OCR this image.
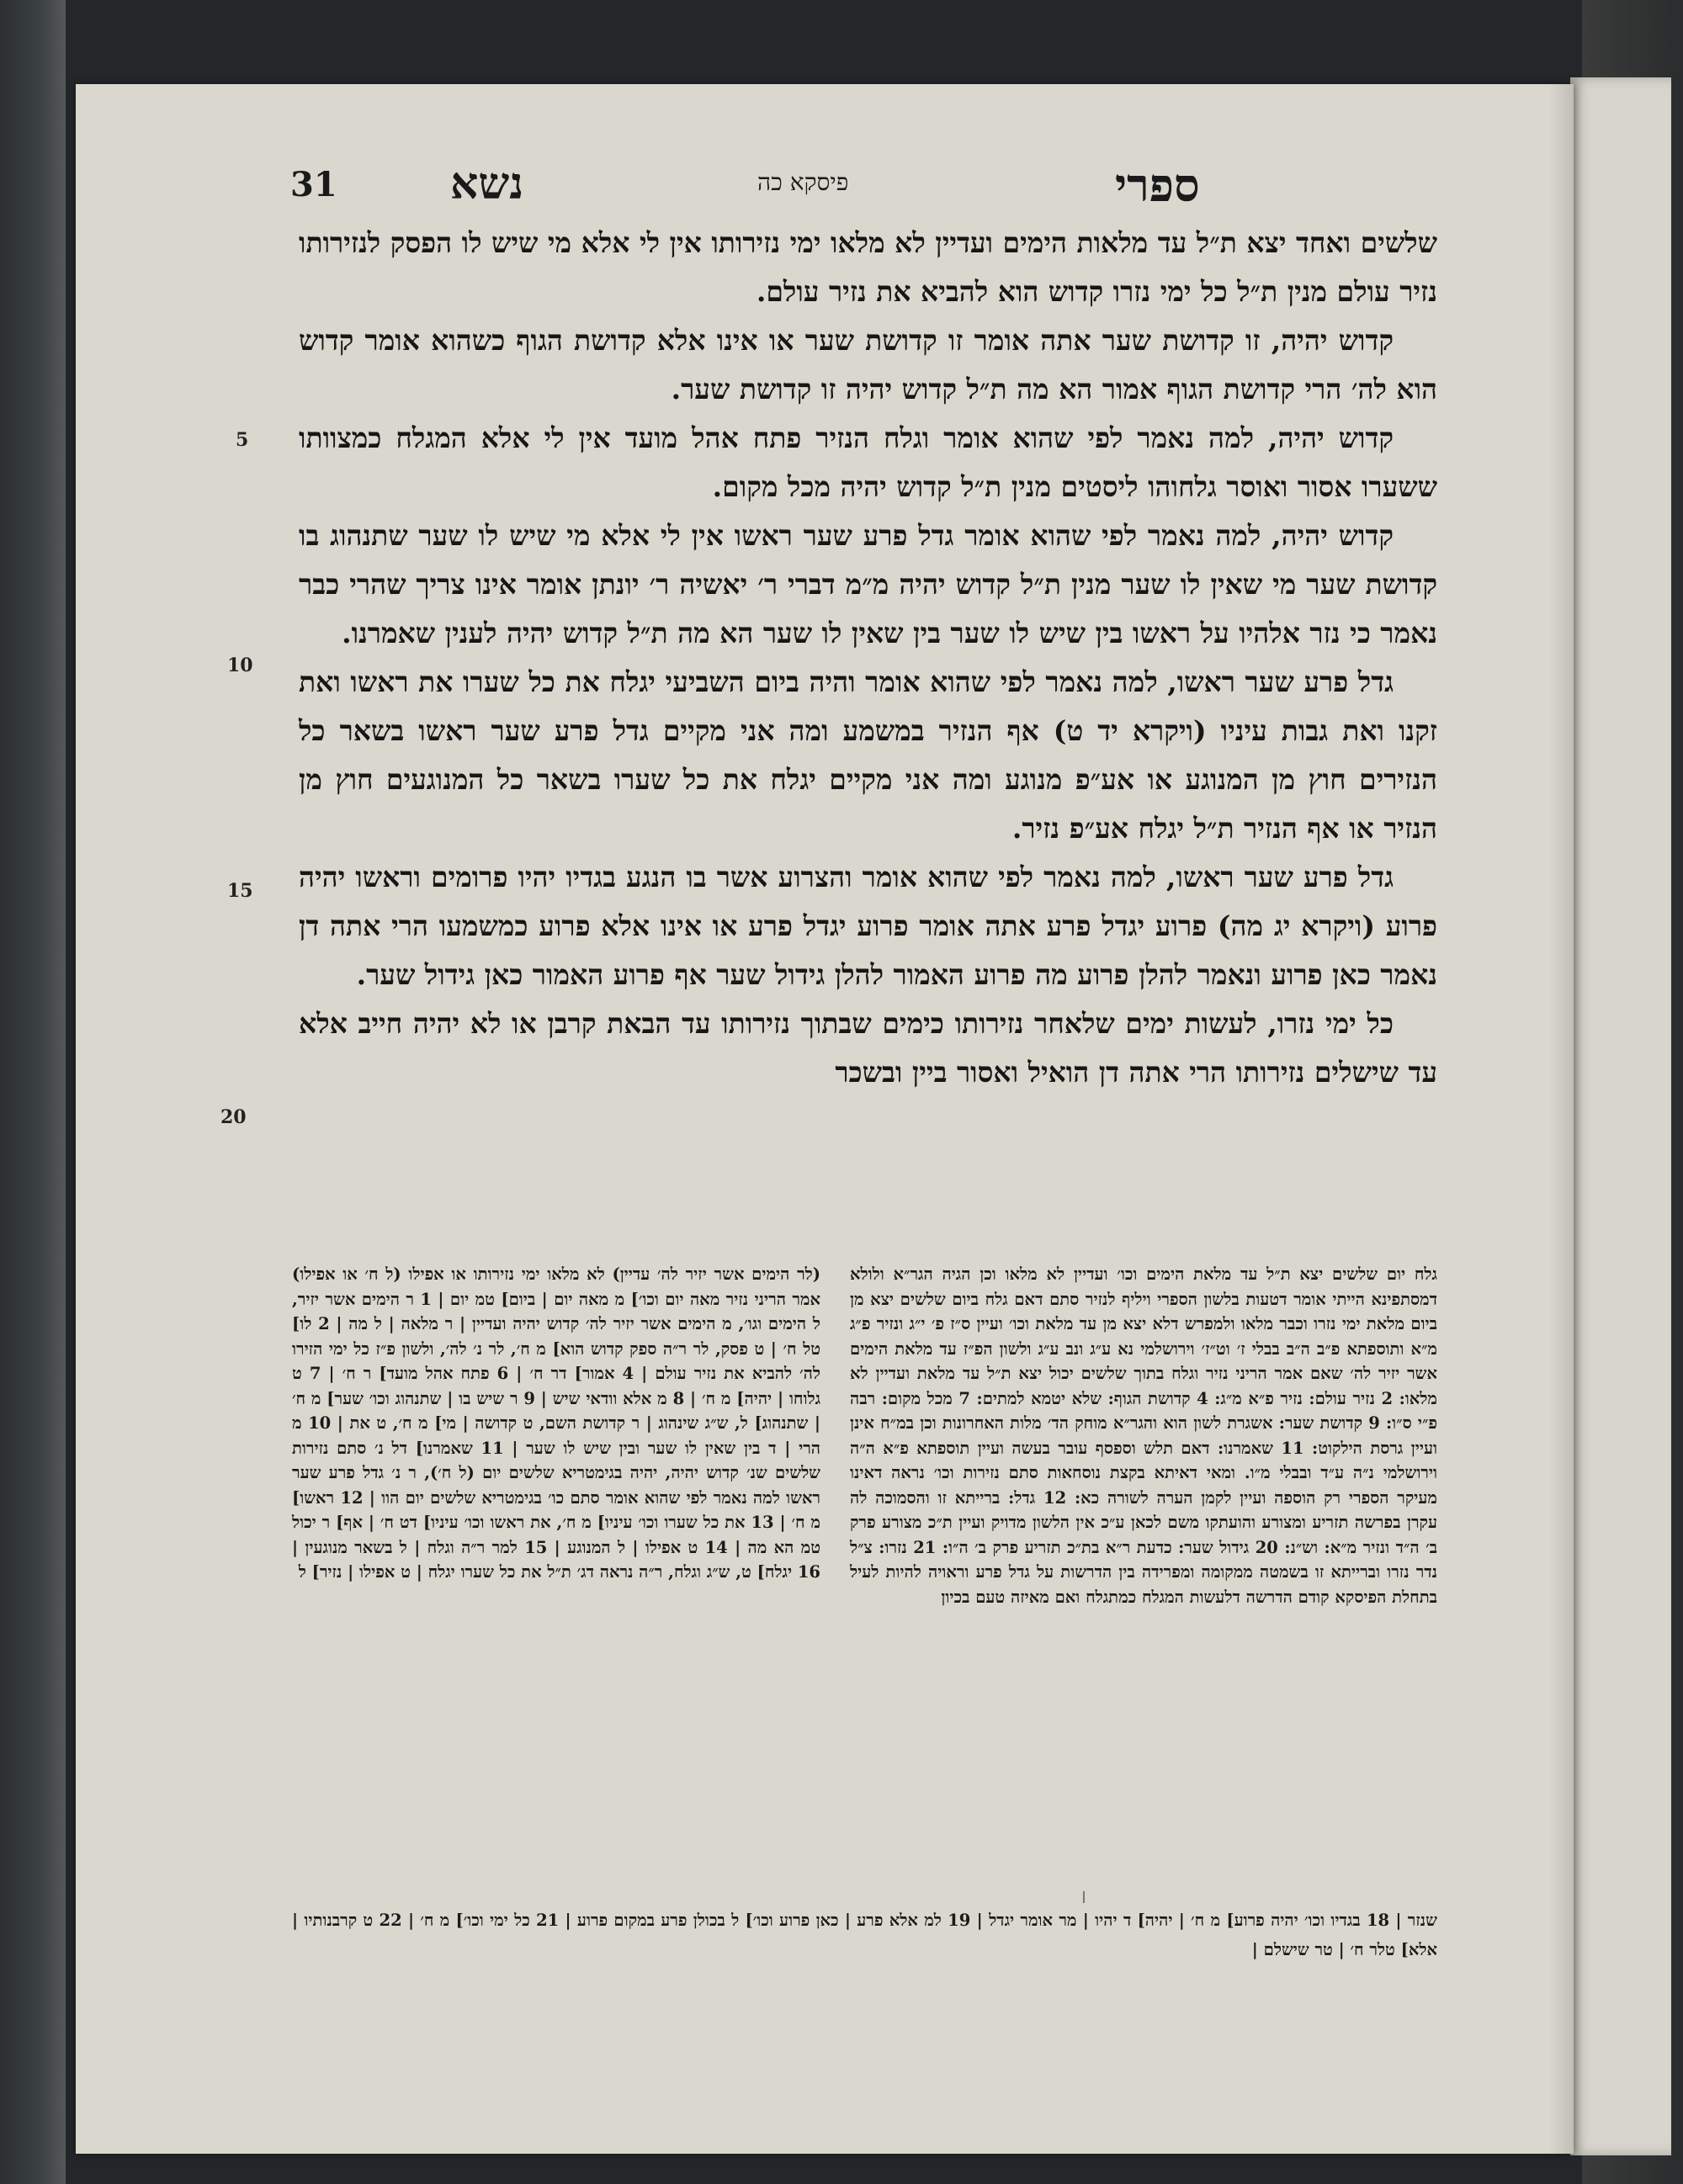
31	נשא	פיסקא כה	ספרי

שלשים ואחד יצא ת״ל עד מלאות הימים ועדיין לא מלאו ימי נזירותו אין לי אלא מי שיש לו הפסק לנזירותו נזיר עולם מנין ת״ל כל ימי נזרו קדוש הוא להביא את נזיר עולם.

קדוש יהיה, זו קדושת שער אתה אומר זו קדושת שער או אינו אלא קדושת הגוף כשהוא אומר קדוש הוא לה׳ הרי קדושת הגוף אמור הא מה ת״ל קדוש יהיה זו קדושת שער.

קדוש יהיה, למה נאמר לפי שהוא אומר וגלח הנזיר פתח אהל מועד אין לי אלא המגלח כמצוותו ששערו אסור ואוסר גלחוהו ליסטים מנין ת״ל קדוש יהיה מכל מקום.

קדוש יהיה, למה נאמר לפי שהוא אומר גדל פרע שער ראשו אין לי אלא מי שיש לו שער שתנהוג בו קדושת שער מי שאין לו שער מנין ת״ל קדוש יהיה מ״מ דברי ר׳ יאשיה ר׳ יונתן אומר אינו צריך שהרי כבר נאמר כי נזר אלהיו על ראשו בין שיש לו שער בין שאין לו שער הא מה ת״ל קדוש יהיה לענין שאמרנו.

גדל פרע שער ראשו, למה נאמר לפי שהוא אומר והיה ביום השביעי יגלח את כל שערו את ראשו ואת זקנו ואת גבות עיניו (ויקרא יד ט) אף הנזיר במשמע ומה אני מקיים גדל פרע שער ראשו בשאר כל הנזירים חוץ מן המנוגע או אע״פ מנוגע ומה אני מקיים יגלח את כל שערו בשאר כל המנוגעים חוץ מן הנזיר או אף הנזיר ת״ל יגלח אע״פ נזיר.

גדל פרע שער ראשו, למה נאמר לפי שהוא אומר והצרוע אשר בו הנגע בגדיו יהיו פרומים וראשו יהיה פרוע (ויקרא יג מה) פרוע יגדל פרע אתה אומר פרוע יגדל פרע או אינו אלא פרוע כמשמעו הרי אתה דן נאמר כאן פרוע ונאמר להלן פרוע מה פרוע האמור להלן גידול שער אף פרוע האמור כאן גידול שער.

כל ימי נזרו, לעשות ימים שלאחר נזירותו כימים שבתוך נזירותו עד הבאת קרבן או לא יהיה חייב אלא עד שישלים נזירותו הרי אתה דן הואיל ואסור ביין ובשכר

5
10
15
20
גלח יום שלשים יצא ת״ל עד מלאת הימים וכו׳ ועדיין לא מלאו וכן הגיה הגר״א ולולא דמסתפינא הייתי אומר דטעות בלשון הספרי ויליף לנזיר סתם דאם גלח ביום שלשים יצא מן ביום מלאת ימי נזרו וכבר מלאו ולמפרש דלא יצא מן עד מלאת וכו׳ ועיין ס״ז פ׳ י״ג ונזיר פ״ג מ״א ותוספתא פ״ב ה״ב בבלי ז׳ וט״ז׳ וירושלמי נא ע״ג ונב ע״ג ולשון הפ״ז עד מלאת הימים אשר יזיר לה׳ שאם אמר הריני נזיר וגלח בתוך שלשים יכול יצא ת״ל עד מלאת ועדיין לא מלאו: 2 נזיר עולם: נזיר פ״א מ״ג: 4 קדושת הגוף: שלא יטמא למתים: 7 מכל מקום: רבה פ״י ס״ו: 9 קדושת שער: אשגרת לשון הוא והגר״א מוחק הד׳ מלות האחרונות וכן במ״ח אינן ועיין גרסת הילקוט: 11 שאמרנו: דאם תלש וספסף עובר בעשה ועיין תוספתא פ״א ה״ה וירושלמי נ״ה ע״ד ובבלי מ״ו. ומאי דאיתא בקצת נוסחאות סתם נזירות וכו׳ נראה דאינו מעיקר הספרי רק הוספה ועיין לקמן הערה לשורה כא: 12 גדל: ברייתא זו והסמוכה לה עקרן בפרשה תזריע ומצורע והועתקו משם לכאן ע״כ אין הלשון מדויק ועיין ת״כ מצורע פרק ב׳ ה״ד ונזיר מ״א: וש״נ: 20 גידול שער: כדעת ר״א בת״כ תזריע פרק ב׳ ה״ו: 21 נזרו: צ״ל נדר נזרו וברייתא זו בשמטה ממקומה ומפרידה בין הדרשות על גדל פרע וראויה להיות לעיל בתחלת הפיסקא קודם הדרשה דלעשות המגלח כמתגלח ואם מאיזה טעם בכיון
(לר הימים אשר יזיר לה׳ עדיין) לא מלאו ימי נזירותו או אפילו (ל ח׳ או אפילו) אמר הריני נזיר מאה יום וכו׳] מ מאה יום | ביום] טמ יום | 1 ר הימים אשר יזיר, ל הימים וגו׳, מ הימים אשר יזיר לה׳ קדוש יהיה ועדיין | ר מלאה | ל מה | 2 לו] טל ח׳ | ט פסק, לר ר״ה ספק קדוש הוא] מ ח׳, לר נ׳ לה׳, ולשון פ״ז כל ימי הזירו לה׳ להביא את נזיר עולם | 4 אמור] דר ח׳ | 6 פתח אהל מועד] ר ח׳ | 7 ט גלוחו | יהיה] מ ח׳ | 8 מ אלא וודאי שיש | 9 ר שיש בו | שתנהוג וכו׳ שער] מ ח׳ | שתנהוג] ל, ש״ג שינהוג | ר קדושת השם, ט קדושה | מי] מ ח׳, ט את | 10 מ הרי | ד בין שאין לו שער ובין שיש לו שער | 11 שאמרנו] דל נ׳ סתם נזירות שלשים שנ׳ קדוש יהיה, יהיה בגימטריא שלשים יום (ל ח׳), ר נ׳ גדל פרע שער ראשו למה נאמר לפי שהוא אומר סתם כו׳ בגימטריא שלשים יום הוו | 12 ראשו] מ ח׳ | 13 את כל שערו וכו׳ עיניו] מ ח׳, את ראשו וכו׳ עיניו] דט ח׳ | אף] ר יכול טמ הא מה | 14 ט אפילו | ל המנוגע | 15 למר ר״ה וגלח | ל בשאר מנוגעין | 16 יגלח] ט, ש״ג וגלח, ר״ה נראה דג׳ ת״ל את כל שערו יגלח | ט אפילו | נזיר] ל
שנזר | 18 בגדיו וכו׳ יהיה פרוע] מ ח׳ | יהיה] ד יהיו | מר אומר יגדל | 19 למ אלא פרע | כאן פרוע וכו׳] ל בכולן פרע במקום פרוע | 21 כל ימי וכו׳] מ ח׳ | 22 ט קרבנותיו | אלא] טלר ח׳ | טר שישלם |
